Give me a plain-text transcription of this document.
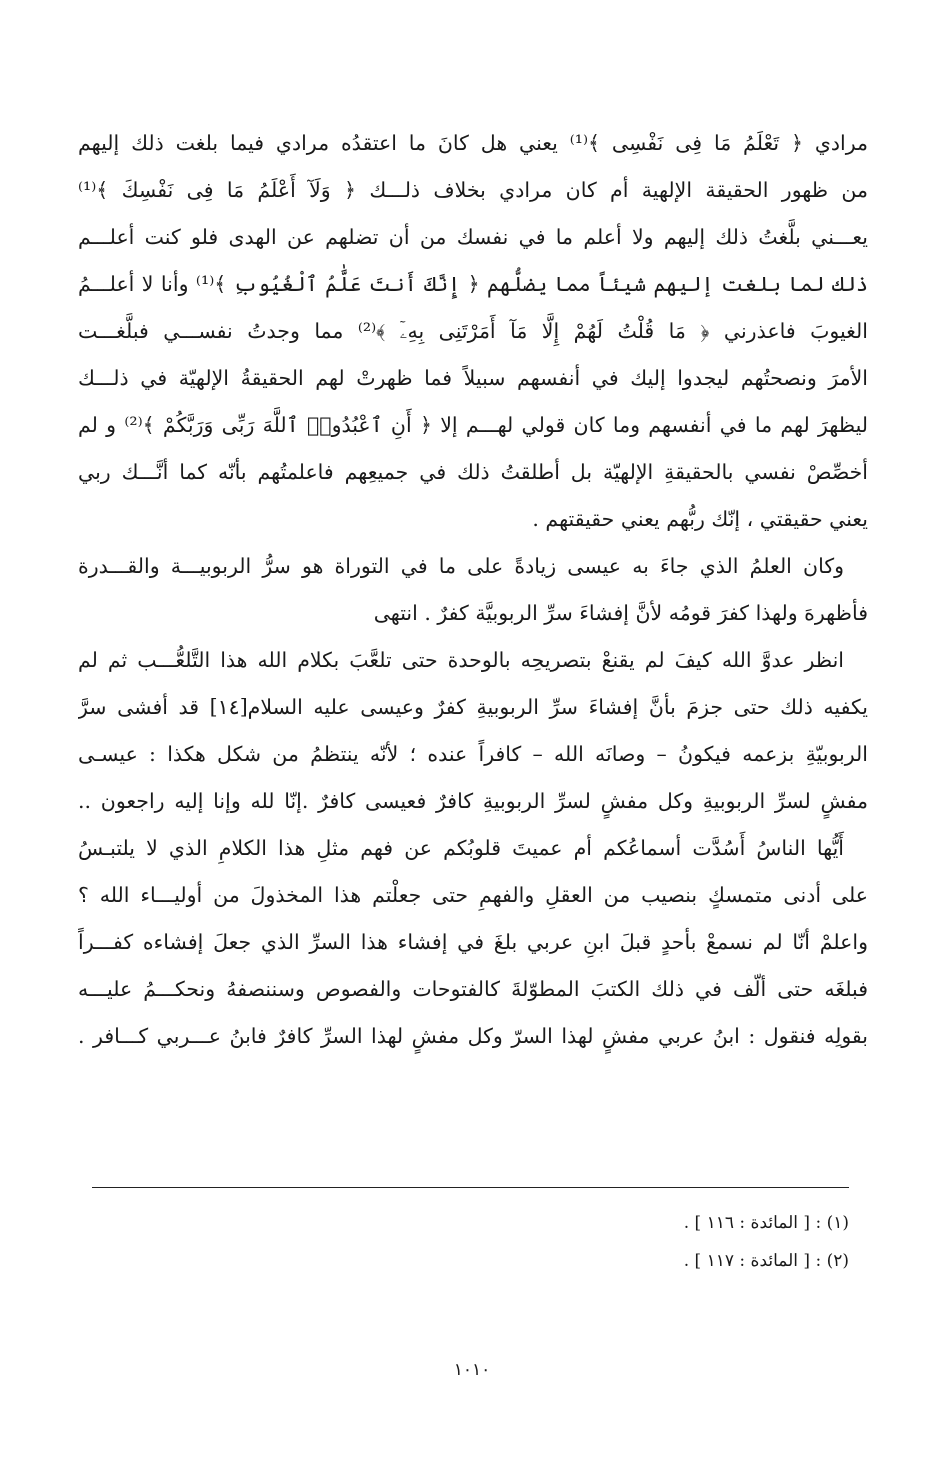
مرادي ﴿ تَعْلَمُ مَا فِى نَفْسِى ﴾⁽¹⁾ يعني هل كانَ ما اعتقدُه مرادي فيما بلغت ذلك إليهم
من ظهور الحقيقة الإلهية أم كان مرادي بخلاف ذلـــك ﴿ وَلَآ أَعْلَمُ مَا فِى نَفْسِكَ ﴾⁽¹⁾
يعـــني بلَّغتُ ذلك إليهم ولا أعلم ما في نفسك من أن تضلهم عن الهدى فلو كنت أعلـــم
ذلك لما بلغت إليهم شيئاً مما يضلُّهم ﴿ إِنَّكَ أَنتَ عَلَّٰمُ ٱلْغُيُوبِ ﴾⁽¹⁾ وأنا لا أعلـــمُ
الغيوبَ فاعذرني ﴿ مَا قُلْتُ لَهُمْ إِلَّا مَآ أَمَرْتَنِى بِهِۦٓ ﴾⁽²⁾ مما وجدتُ نفســـي فبلَّغـــت
الأمرَ ونصحتُهم ليجدوا إليك في أنفسهم سبيلاً فما ظهرتْ لهم الحقيقةُ الإلهيّة في ذلـــك
ليظهرَ لهم ما في أنفسهم وما كان قولي لهـــم إلا ﴿ أَنِ ٱعْبُدُوا۟ ٱللَّهَ رَبِّى وَرَبَّكُمْ ﴾⁽²⁾ و لم
أخصِّصْ نفسي بالحقيقةِ الإلهيّة بل أطلقتُ ذلك في جميعِهم فاعلمتُهم بأنّه كما أنَّـــك ربي
يعني حقيقتي ، إنّك ربُّهم يعني حقيقتهم .
وكان العلمُ الذي جاءَ به عيسى زيادةً على ما في التوراة هو سرُّ الربوبيـــة والقـــدرة
فأظهرهَ ولهذا كفرَ قومُه لأنَّ إفشاءَ سرِّ الربوبيَّة كفرٌ . انتهى
انظر عدوَّ الله كيفَ لم يقنعْ بتصريحِه بالوحدة حتى تلعَّبَ بكلام الله هذا التَّلعُّـــب ثم لم
يكفيه ذلك حتى جزمَ بأنَّ إفشاءَ سرِّ الربوبيةِ كفرٌ وعيسى عليه السلام[١٤] قد أفشى سرَّ
الربوبيّةِ بزعمه فيكونُ – وصانَه الله – كافراً عنده ؛ لأنّه ينتظمُ من شكل هكذا : عيسـى
مفشٍ لسرِّ الربوبيةِ وكل مفشٍ لسرِّ الربوبيةِ كافرٌ فعيسى كافرٌ .إنّا لله وإنا إليه راجعون ..
أَيُّها الناسُ أَسُدَّت أسماعُكم أم عميتَ قلوبُكم عن فهم مثلِ هذا الكلامِ الذي لا يلتبـسُ
على أدنى متمسكٍ بنصيب من العقلِ والفهمِ حتى جعلْتم هذا المخذولَ من أوليـــاء الله ؟
واعلمْ أنّا لم نسمعْ بأحدٍ قبلَ ابنِ عربي بلغَ في إفشاء هذا السرِّ الذي جعلَ إفشاءه كفـــراً
فبلغَه حتى ألّف في ذلك الكتبَ المطوّلةَ كالفتوحات والفصوص وسننصفهُ ونحكـــمُ عليـــه
بقولِه فنقول : ابنُ عربي مفشٍ لهذا السرّ وكل مفشٍ لهذا السرِّ كافرٌ فابنُ عـــربي كـــافر .
(١) : [ المائدة : ١١٦ ] .
(٢) : [ المائدة : ١١٧ ] .
١٠١٠
